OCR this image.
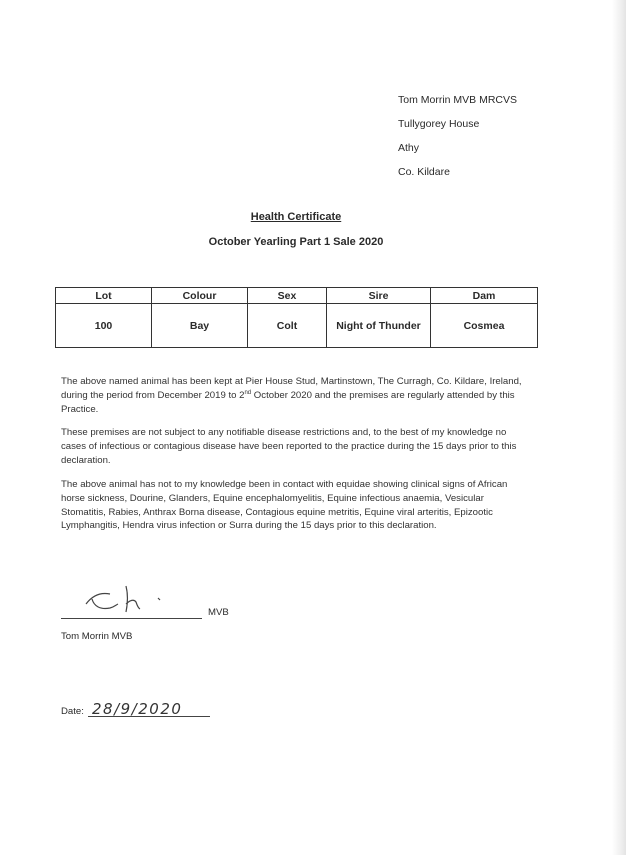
Tom Morrin MVB MRCVS
Tullygorey House
Athy
Co. Kildare
Health Certificate
October Yearling Part 1 Sale 2020
Lot	Colour	Sex	Sire	Dam
100	Bay	Colt	Night of Thunder	Cosmea
The above named animal has been kept at Pier House Stud, Martinstown, The Curragh, Co. Kildare, Ireland, during the period from December 2019 to 2nd October 2020 and the premises are regularly attended by this Practice.
These premises are not subject to any notifiable disease restrictions and, to the best of my knowledge no cases of infectious or contagious disease have been reported to the practice during the 15 days prior to this declaration.
The above animal has not to my knowledge been in contact with equidae showing clinical signs of African horse sickness, Dourine, Glanders, Equine encephalomyelitis, Equine infectious anaemia, Vesicular Stomatitis, Rabies, Anthrax Borna disease, Contagious equine metritis, Equine viral arteritis, Epizootic Lymphangitis, Hendra virus infection or Surra during the 15 days prior to this declaration.
MVB
Tom Morrin MVB
Date: 28/9/2020
